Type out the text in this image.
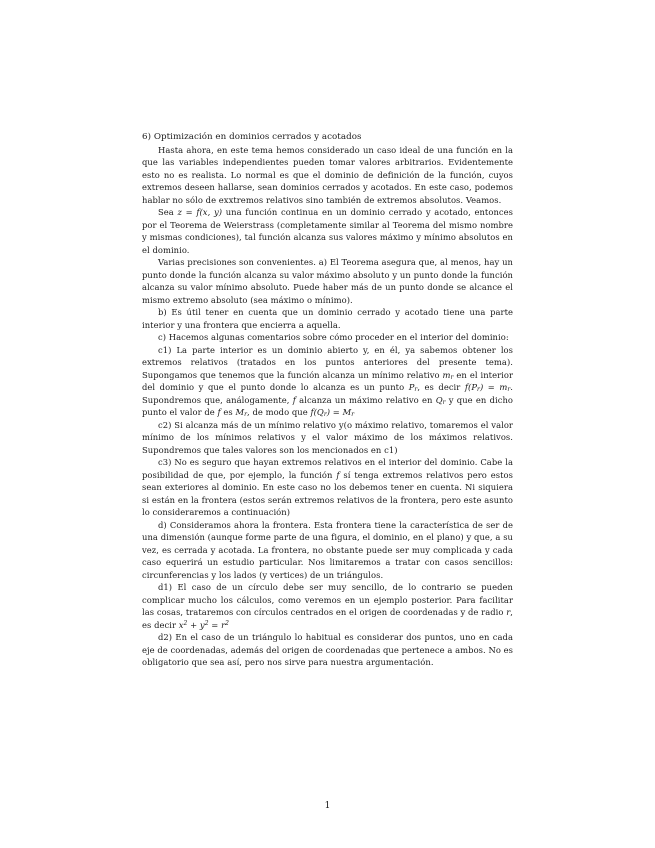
6) Optimización en dominios cerrados y acotados

Hasta ahora, en este tema hemos considerado un caso ideal de una función en la que las variables independientes pueden tomar valores arbitrarios. Evidentemente esto no es realista. Lo normal es que el dominio de definición de la función, cuyos extremos deseen hallarse, sean dominios cerrados y acotados. En este caso, podemos hablar no sólo de exxtremos relativos sino también de extremos absolutos. Veamos.

Sea z = f(x, y) una función continua en un dominio cerrado y acotado, entonces por el Teorema de Weierstrass (completamente similar al Teorema del mismo nombre y mismas condiciones), tal función alcanza sus valores máximo y mínimo absolutos en el dominio.

Varias precisiones son convenientes. a) El Teorema asegura que, al menos, hay un punto donde la función alcanza su valor máximo absoluto y un punto donde la función alcanza su valor mínimo absoluto. Puede haber más de un punto donde se alcance el mismo extremo absoluto (sea máximo o mínimo).

b) Es útil tener en cuenta que un dominio cerrado y acotado tiene una parte interior y una frontera que encierra a aquella.

c) Hacemos algunas comentarios sobre cómo proceder en el interior del dominio:

c1) La parte interior es un dominio abierto y, en él, ya sabemos obtener los extremos relativos (tratados en los puntos anteriores del presente tema). Supongamos que tenemos que la función alcanza un mínimo relativo $m_r$ en el interior del dominio y que el punto donde lo alcanza es un punto $P_r$, es decir $f(P_r) = m_r$. Supondremos que, análogamente, f alcanza un máximo relativo en $Q_r$ y que en dicho punto el valor de f es $M_r$, de modo que $f(Q_r) = M_r$

c2) Si alcanza más de un mínimo relativo y(o máximo relativo, tomaremos el valor mínimo de los mínimos relativos y el valor máximo de los máximos relativos. Supondremos que tales valores son los mencionados en c1)

c3) No es seguro que hayan extremos relativos en el interior del dominio. Cabe la posibilidad de que, por ejemplo, la función f sí tenga extremos relativos pero estos sean exteriores al dominio. En este caso no los debemos tener en cuenta. Ni siquiera si están en la frontera (estos serán extremos relativos de la frontera, pero este asunto lo consideraremos a continuación)

d) Consideramos ahora la frontera. Esta frontera tiene la característica de ser de una dimensión (aunque forme parte de una figura, el dominio, en el plano) y que, a su vez, es cerrada y acotada. La frontera, no obstante puede ser muy complicada y cada caso equerirá un estudio particular. Nos limitaremos a tratar con casos sencillos: circunferencias y los lados (y vertices) de un triángulos.

d1) El caso de un círculo debe ser muy sencillo, de lo contrario se pueden complicar mucho los cálculos, como veremos en un ejemplo posterior. Para facilitar las cosas, trataremos con círculos centrados en el origen de coordenadas y de radio r, es decir $x^2 + y^2 = r^2$

d2) En el caso de un triángulo lo habitual es considerar dos puntos, uno en cada eje de coordenadas, además del origen de coordenadas que pertenece a ambos. No es obligatorio que sea así, pero nos sirve para nuestra argumentación.

1
